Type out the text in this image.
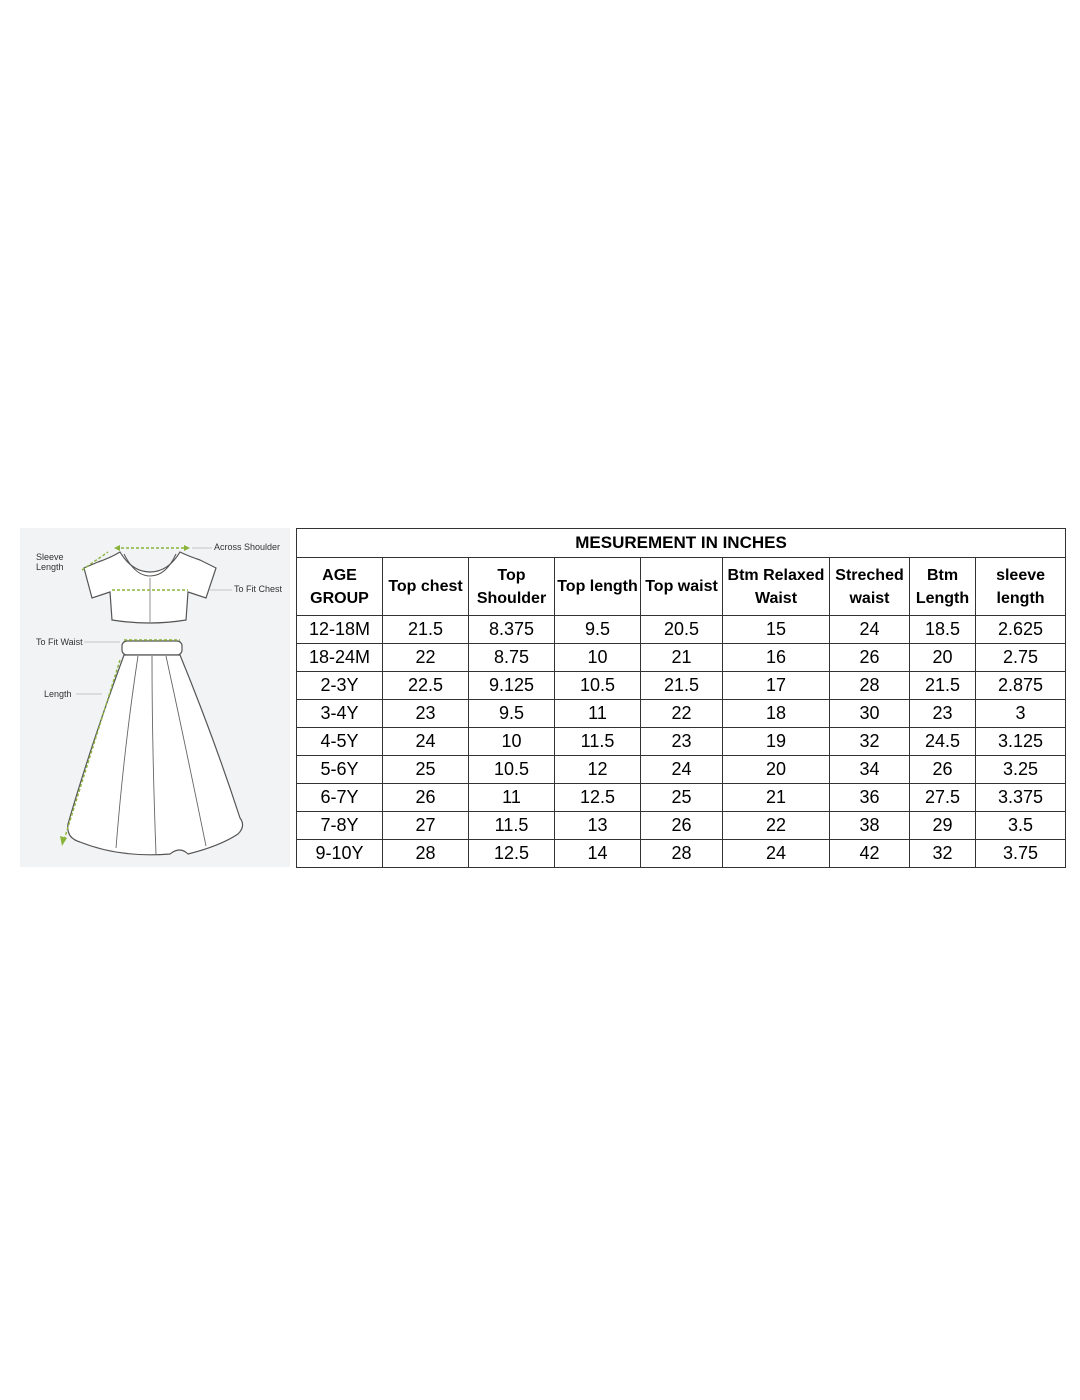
Sleeve Length
Across Shoulder
To Fit Chest
To Fit Waist
Length
MESUREMENT IN INCHES								
AGE GROUP	Top chest	Top Shoulder	Top length	Top waist	Btm Relaxed Waist	Streched waist	Btm Length	sleeve length
12-18M	21.5	8.375	9.5	20.5	15	24	18.5	2.625
18-24M	22	8.75	10	21	16	26	20	2.75
2-3Y	22.5	9.125	10.5	21.5	17	28	21.5	2.875
3-4Y	23	9.5	11	22	18	30	23	3
4-5Y	24	10	11.5	23	19	32	24.5	3.125
5-6Y	25	10.5	12	24	20	34	26	3.25
6-7Y	26	11	12.5	25	21	36	27.5	3.375
7-8Y	27	11.5	13	26	22	38	29	3.5
9-10Y	28	12.5	14	28	24	42	32	3.75
